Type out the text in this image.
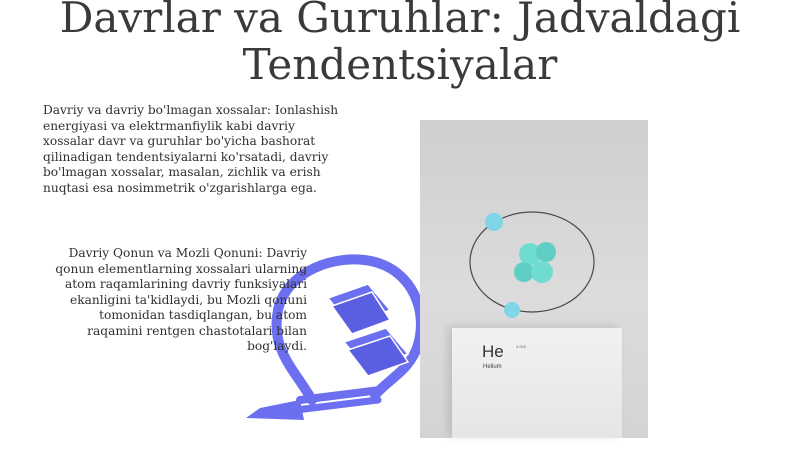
Davrlar va Guruhlar: Jadvaldagi Tendentsiyalar

Davriy va davriy bo'lmagan xossalar: Ionlashish energiyasi va elektrmanfiylik kabi davriy xossalar davr va guruhlar bo'yicha bashorat qilinadigan tendentsiyalarni ko'rsatadi, davriy bo'lmagan xossalar, masalan, zichlik va erish nuqtasi esa nosimmetrik o'zgarishlarga ega.

Davriy Qonun va Mozli Qonuni: Davriy qonun elementlarning xossalari ularning atom raqamlarining davriy funksiyalari ekanligini ta'kidlaydi, bu Mozli qonuni tomonidan tasdiqlangan, bu atom raqamini rentgen chastotalari bilan bog'laydi.	He	4.003
Helium
